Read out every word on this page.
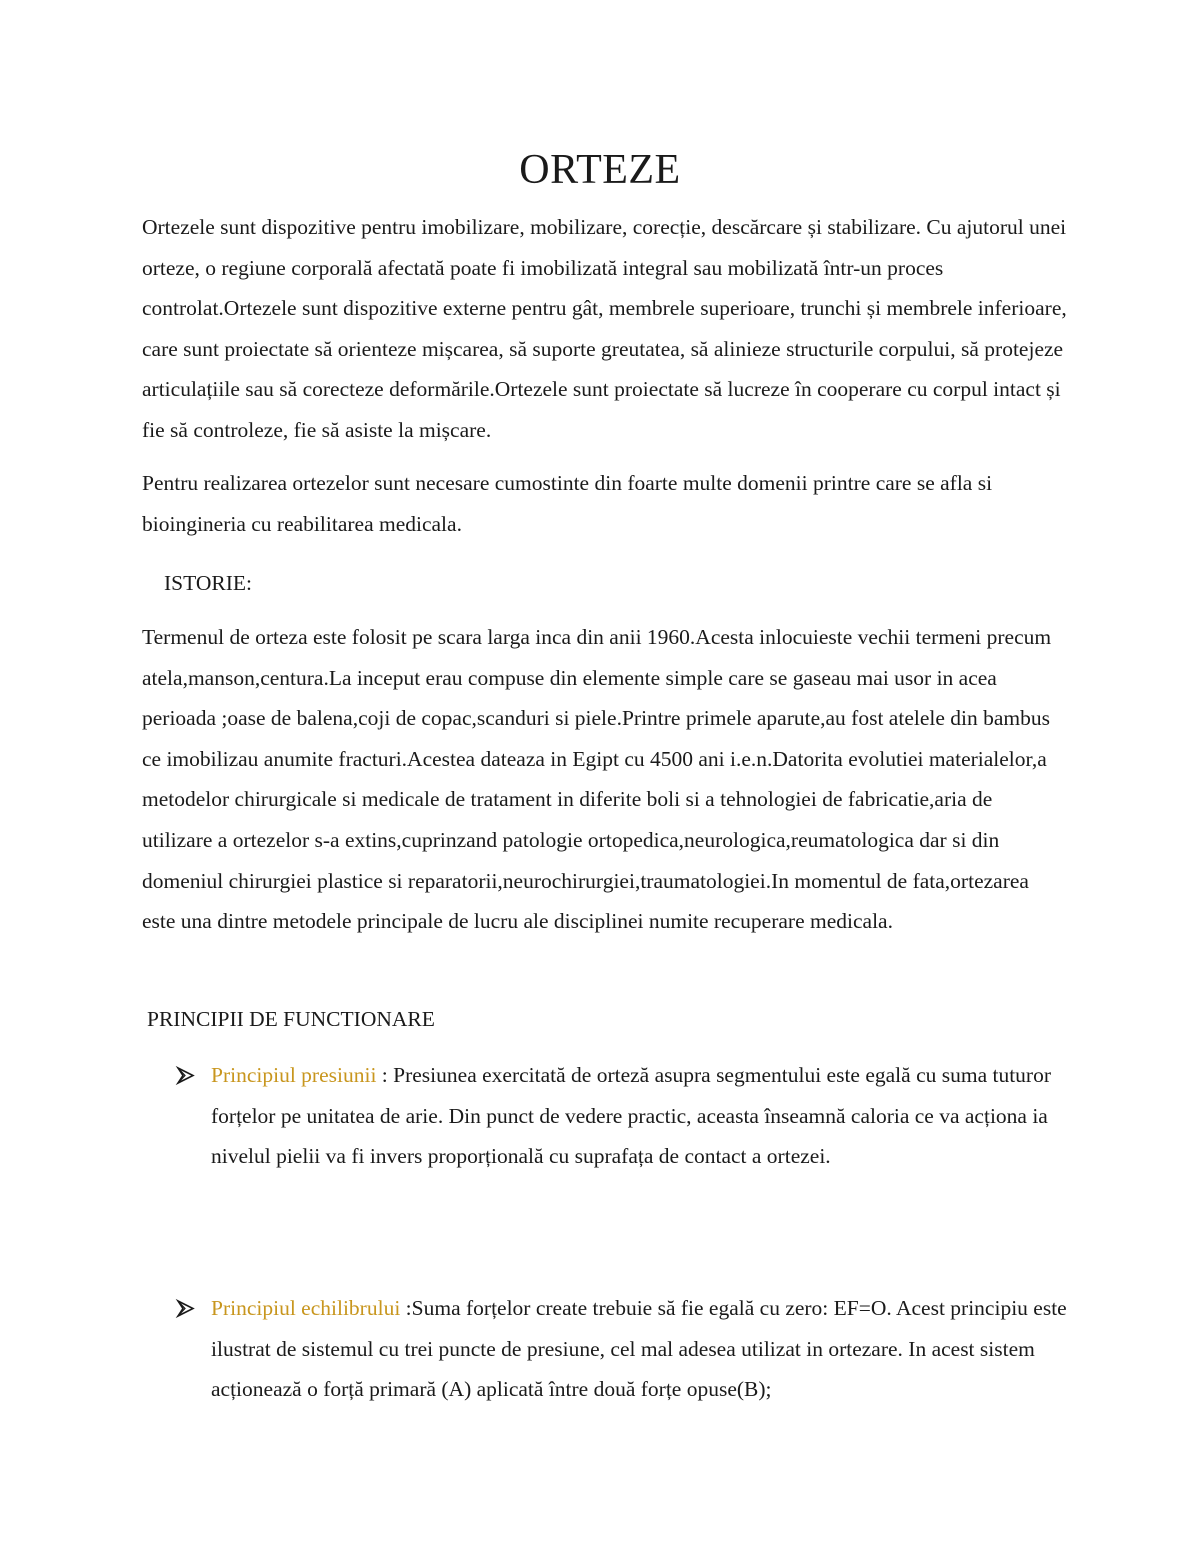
ORTEZE

Ortezele sunt dispozitive pentru imobilizare, mobilizare, corecție, descărcare și stabilizare. Cu ajutorul unei orteze, o regiune corporală afectată poate fi imobilizată integral sau mobilizată într-un proces controlat.Ortezele sunt dispozitive externe pentru gât, membrele superioare, trunchi și membrele inferioare, care sunt proiectate să orienteze mișcarea, să suporte greutatea, să alinieze structurile corpului, să protejeze articulațiile sau să corecteze deformările.Ortezele sunt proiectate să lucreze în cooperare cu corpul intact și fie să controleze, fie să asiste la mișcare.

Pentru realizarea ortezelor sunt necesare cumostinte din foarte multe domenii printre care se afla si bioingineria cu reabilitarea medicala.

ISTORIE:

Termenul de orteza este folosit pe scara larga inca din anii 1960.Acesta inlocuieste vechii termeni precum atela,manson,centura.La inceput erau compuse din elemente simple care se gaseau mai usor in acea perioada ;oase de balena,coji de copac,scanduri si piele.Printre primele aparute,au fost atelele din bambus ce imobilizau anumite fracturi.Acestea dateaza in Egipt cu 4500 ani i.e.n.Datorita evolutiei materialelor,a metodelor chirurgicale si medicale de tratament in diferite boli si a tehnologiei de fabricatie,aria de utilizare a ortezelor s-a extins,cuprinzand patologie ortopedica,neurologica,reumatologica dar si din domeniul chirurgiei plastice si reparatorii,neurochirurgiei,traumatologiei.In momentul de fata,ortezarea este una dintre metodele principale de lucru ale disciplinei numite recuperare medicala.

PRINCIPII DE FUNCTIONARE
Principiul presiunii : Presiunea exercitată de orteză asupra segmentului este egală cu suma tuturor forțelor pe unitatea de arie. Din punct de vedere practic, aceasta înseamnă caloria ce va acționa ia nivelul pielii va fi invers proporțională cu suprafața de contact a ortezei.
Principiul echilibrului :Suma forțelor create trebuie să fie egală cu zero: EF=O. Acest principiu este ilustrat de sistemul cu trei puncte de presiune, cel mal adesea utilizat in ortezare. In acest sistem acționează o forță primară (A) aplicată între două forțe opuse(B);
